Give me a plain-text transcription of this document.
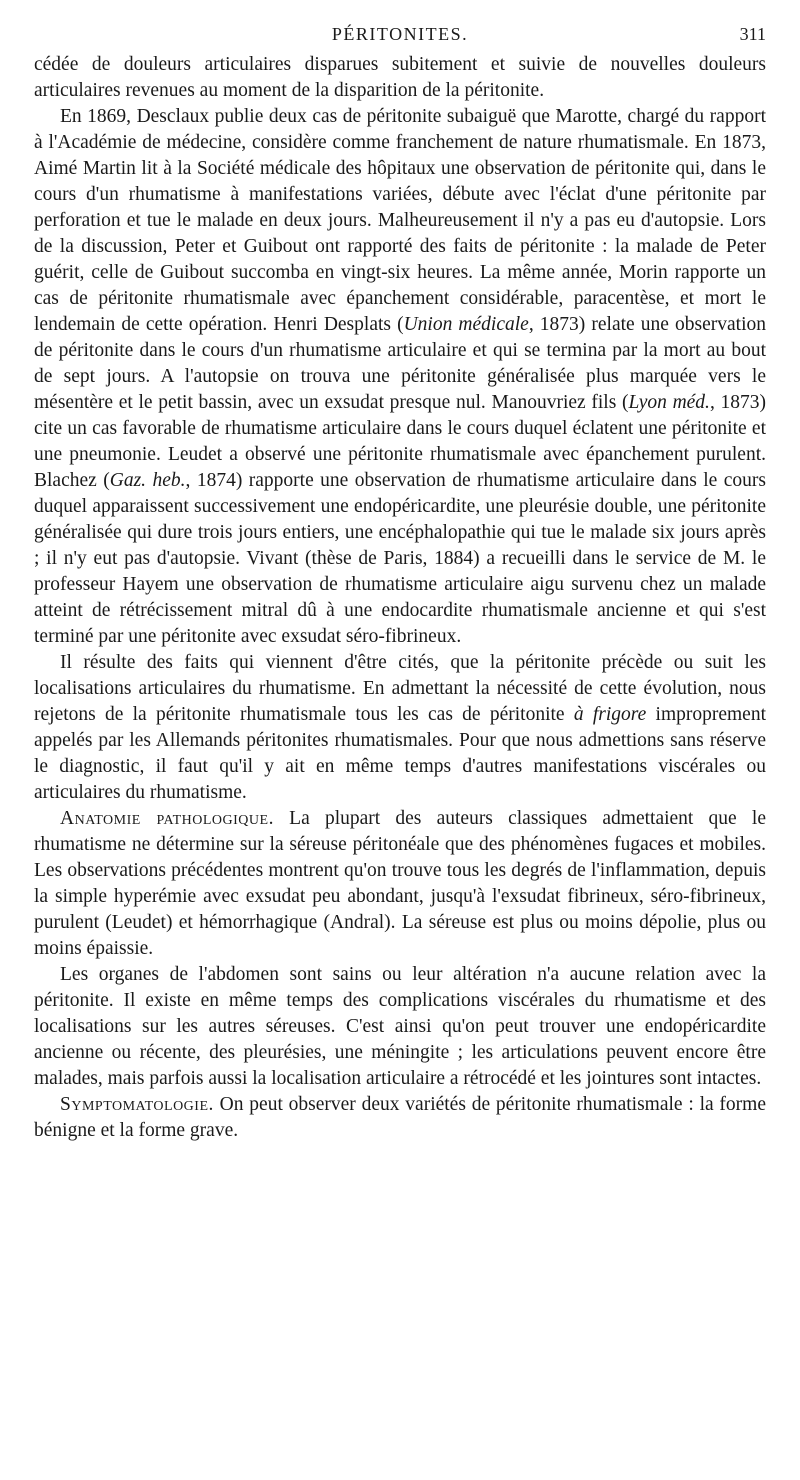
PÉRITONITES.	311

cédée de douleurs articulaires disparues subitement et suivie de nouvelles douleurs articulaires revenues au moment de la disparition de la péritonite.

En 1869, Desclaux publie deux cas de péritonite subaiguë que Marotte, chargé du rapport à l'Académie de médecine, considère comme franchement de nature rhumatismale. En 1873, Aimé Martin lit à la Société médicale des hôpitaux une observation de péritonite qui, dans le cours d'un rhumatisme à manifestations variées, débute avec l'éclat d'une péritonite par perforation et tue le malade en deux jours. Malheureusement il n'y a pas eu d'autopsie. Lors de la discussion, Peter et Guibout ont rapporté des faits de péritonite : la malade de Peter guérit, celle de Guibout succomba en vingt-six heures. La même année, Morin rapporte un cas de péritonite rhumatismale avec épanchement considérable, paracentèse, et mort le lendemain de cette opération. Henri Desplats (Union médicale, 1873) relate une observation de péritonite dans le cours d'un rhumatisme articulaire et qui se termina par la mort au bout de sept jours. A l'autopsie on trouva une péritonite généralisée plus marquée vers le mésentère et le petit bassin, avec un exsudat presque nul. Manouvriez fils (Lyon méd., 1873) cite un cas favorable de rhumatisme articulaire dans le cours duquel éclatent une péritonite et une pneumonie. Leudet a observé une péritonite rhumatismale avec épanchement purulent. Blachez (Gaz. heb., 1874) rapporte une observation de rhumatisme articulaire dans le cours duquel apparaissent successivement une endopéricardite, une pleurésie double, une péritonite généralisée qui dure trois jours entiers, une encéphalopathie qui tue le malade six jours après ; il n'y eut pas d'autopsie. Vivant (thèse de Paris, 1884) a recueilli dans le service de M. le professeur Hayem une observation de rhumatisme articulaire aigu survenu chez un malade atteint de rétrécissement mitral dû à une endocardite rhumatismale ancienne et qui s'est terminé par une péritonite avec exsudat séro-fibrineux.

Il résulte des faits qui viennent d'être cités, que la péritonite précède ou suit les localisations articulaires du rhumatisme. En admettant la nécessité de cette évolution, nous rejetons de la péritonite rhumatismale tous les cas de péritonite à frigore improprement appelés par les Allemands péritonites rhumatismales. Pour que nous admettions sans réserve le diagnostic, il faut qu'il y ait en même temps d'autres manifestations viscérales ou articulaires du rhumatisme.

Anatomie pathologique. La plupart des auteurs classiques admettaient que le rhumatisme ne détermine sur la séreuse péritonéale que des phénomènes fugaces et mobiles. Les observations précédentes montrent qu'on trouve tous les degrés de l'inflammation, depuis la simple hyperémie avec exsudat peu abondant, jusqu'à l'exsudat fibrineux, séro-fibrineux, purulent (Leudet) et hémorrhagique (Andral). La séreuse est plus ou moins dépolie, plus ou moins épaissie.

Les organes de l'abdomen sont sains ou leur altération n'a aucune relation avec la péritonite. Il existe en même temps des complications viscérales du rhumatisme et des localisations sur les autres séreuses. C'est ainsi qu'on peut trouver une endopéricardite ancienne ou récente, des pleurésies, une méningite ; les articulations peuvent encore être malades, mais parfois aussi la localisation articulaire a rétrocédé et les jointures sont intactes.

Symptomatologie. On peut observer deux variétés de péritonite rhumatismale : la forme bénigne et la forme grave.
